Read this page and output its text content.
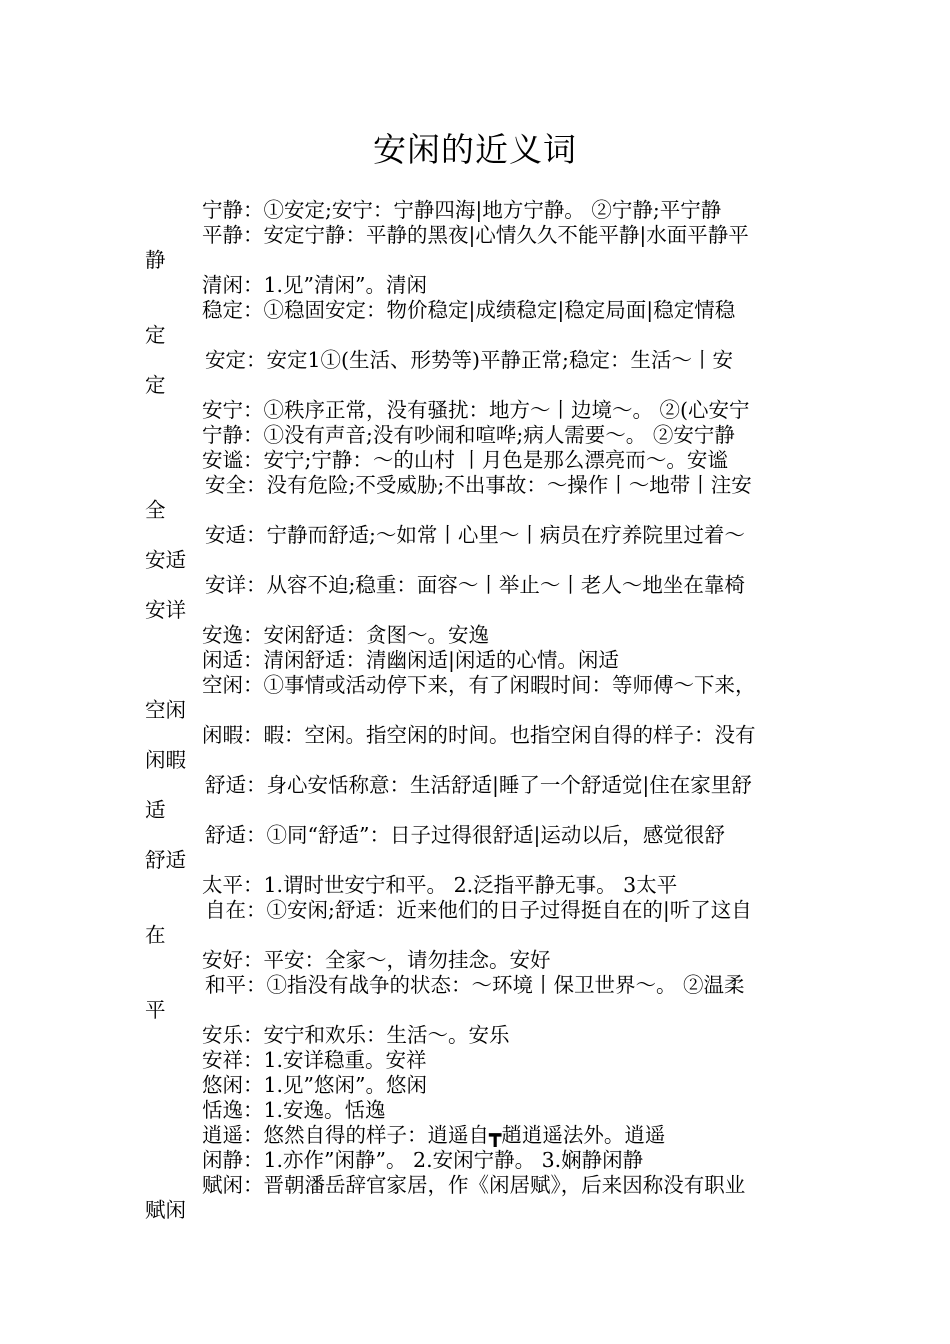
安闲的近义词

宁静：①安定;安宁：宁静四海|地方宁静。 ②宁静;平宁静

平静：安定宁静：平静的黑夜|心情久久不能平静|水面平静平

静

清闲：1.见”清闲”。清闲

稳定：①稳固安定：物价稳定|成绩稳定|稳定局面|稳定情稳

定

安定：安定1①(生活、形势等)平静正常;稳定：生活～丨安

定

安宁：①秩序正常，没有骚扰：地方～丨边境～。 ②(心安宁

宁静：①没有声音;没有吵闹和喧哗;病人需要～。 ②安宁静

安谧：安宁;宁静：～的山村 丨月色是那么漂亮而～。安谧

安全：没有危险;不受威胁;不出事故：～操作丨～地带丨注安

全

安适：宁静而舒适;～如常丨心里～丨病员在疗养院里过着～

安适

安详：从容不迫;稳重：面容～丨举止～丨老人～地坐在靠椅

安详

安逸：安闲舒适：贪图～。安逸

闲适：清闲舒适：清幽闲适|闲适的心情。闲适

空闲：①事情或活动停下来，有了闲暇时间：等师傅～下来，

空闲

闲暇：暇：空闲。指空闲的时间。也指空闲自得的样子：没有

闲暇

舒适：身心安恬称意：生活舒适|睡了一个舒适觉|住在家里舒

适

舒适：①同“舒适”：日子过得很舒适|运动以后，感觉很舒

舒适

太平：1.谓时世安宁和平。 2.泛指平静无事。 3太平

自在：①安闲;舒适：近来他们的日子过得挺自在的|听了这自

在

安好：平安：全家～，请勿挂念。安好

和平：①指没有战争的状态：～环境丨保卫世界～。 ②温柔

平

安乐：安宁和欢乐：生活～。安乐

安祥：1.安详稳重。安祥

悠闲：1.见”悠闲”。悠闲

恬逸：1.安逸。恬逸

逍遥：悠然自得的样子：逍遥自┳趙逍遥法外。逍遥

闲静：1.亦作”闲静”。 2.安闲宁静。 3.娴静闲静

赋闲：晋朝潘岳辞官家居，作《闲居赋》，后来因称没有职业

赋闲
